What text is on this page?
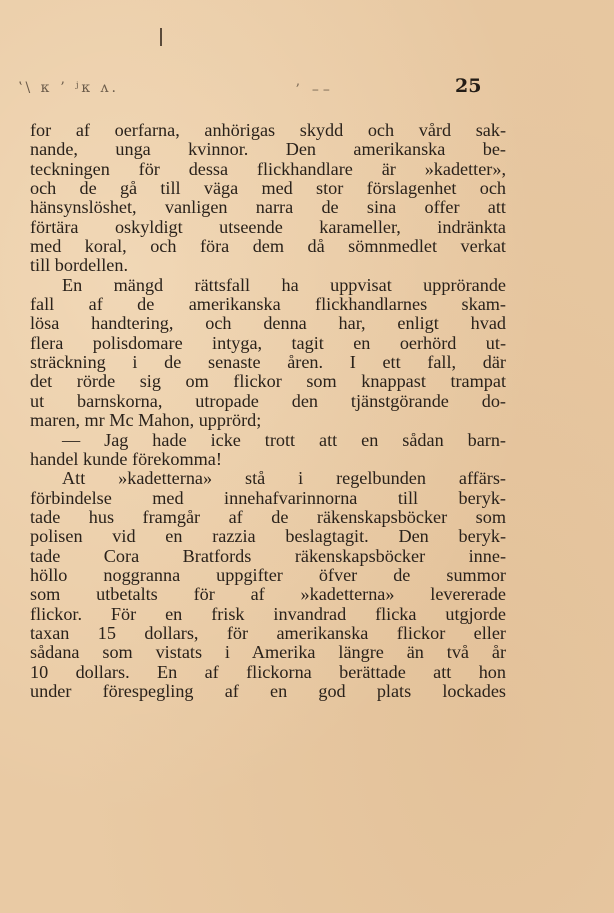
ʽ\ ᴋ ʼ ʲᴋ ʌ.	ʼ ––	25
for af oerfarna, anhörigas skydd och vård sak-
nande, unga kvinnor. Den amerikanska be-
teckningen för dessa flickhandlare är »kadetter»,
och de gå till väga med stor förslagenhet och
hänsynslöshet, vanligen narra de sina offer att
förtära oskyldigt utseende karameller, indränkta
med koral, och föra dem då sömnmedlet verkat
till bordellen.
En mängd rättsfall ha uppvisat upprörande
fall af de amerikanska flickhandlarnes skam-
lösa handtering, och denna har, enligt hvad
flera polisdomare intyga, tagit en oerhörd ut-
sträckning i de senaste åren. I ett fall, där
det rörde sig om flickor som knappast trampat
ut barnskorna, utropade den tjänstgörande do-
maren, mr Mc Mahon, upprörd;
— Jag hade icke trott att en sådan barn-
handel kunde förekomma!
Att »kadetterna» stå i regelbunden affärs-
förbindelse med innehafvarinnorna till beryk-
tade hus framgår af de räkenskapsböcker som
polisen vid en razzia beslagtagit. Den beryk-
tade Cora Bratfords räkenskapsböcker inne-
höllo noggranna uppgifter öfver de summor
som utbetalts för af »kadetterna» levererade
flickor. För en frisk invandrad flicka utgjorde
taxan 15 dollars, för amerikanska flickor eller
sådana som vistats i Amerika längre än två år
10 dollars. En af flickorna berättade att hon
under förespegling af en god plats lockades
